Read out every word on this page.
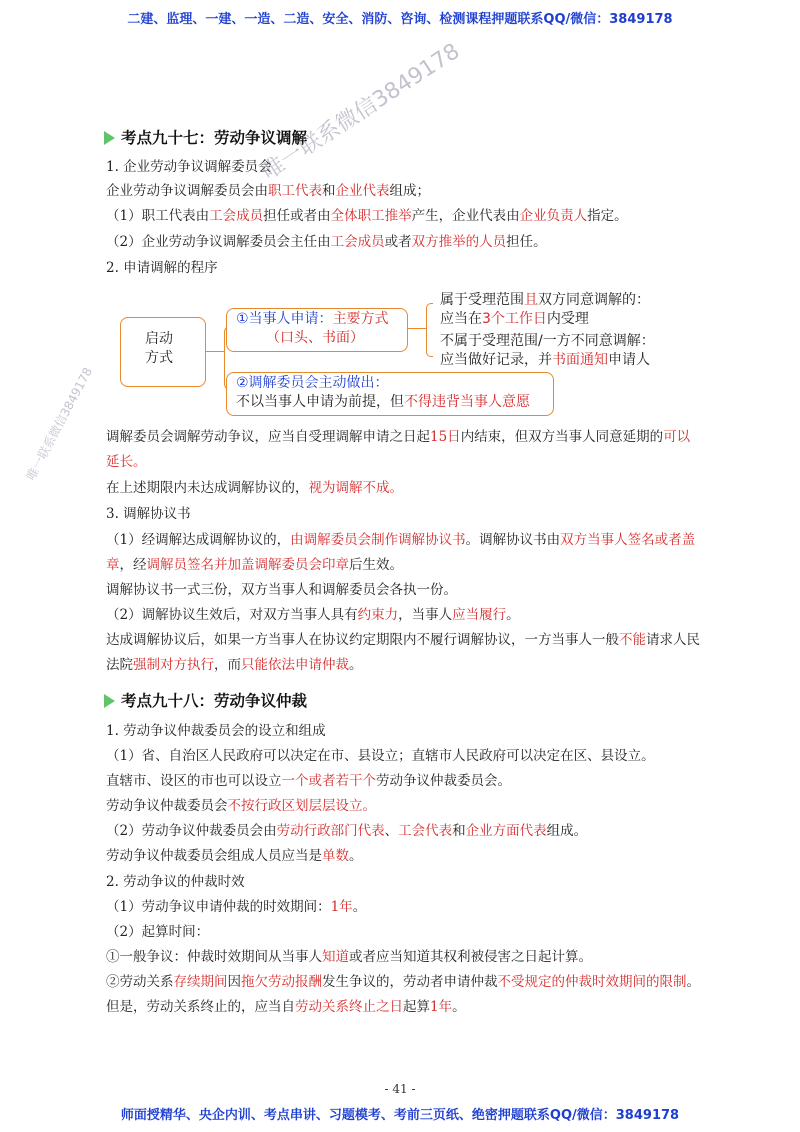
二建、监理、一建、一造、二造、安全、消防、咨询、检测课程押题联系QQ/微信：3849178
考点九十七：劳动争议调解
1. 企业劳动争议调解委员会
企业劳动争议调解委员会由职工代表和企业代表组成；
（1）职工代表由工会成员担任或者由全体职工推举产生，企业代表由企业负责人指定。
（2）企业劳动争议调解委员会主任由工会成员或者双方推举的人员担任。
2. 申请调解的程序
启动
方式
①当事人申请：主要方式
（口头、书面）
属于受理范围且双方同意调解的：
应当在3个工作日内受理
不属于受理范围/一方不同意调解：
应当做好记录，并书面通知申请人
②调解委员会主动做出：
不以当事人申请为前提，但不得违背当事人意愿
调解委员会调解劳动争议，应当自受理调解申请之日起15日内结束，但双方当事人同意延期的可以
延长。
在上述期限内未达成调解协议的，视为调解不成。
3. 调解协议书
（1）经调解达成调解协议的，由调解委员会制作调解协议书。调解协议书由双方当事人签名或者盖
章，经调解员签名并加盖调解委员会印章后生效。
调解协议书一式三份，双方当事人和调解委员会各执一份。
（2）调解协议生效后，对双方当事人具有约束力，当事人应当履行。
达成调解协议后，如果一方当事人在协议约定期限内不履行调解协议，一方当事人一般不能请求人民
法院强制对方执行，而只能依法申请仲裁。
考点九十八：劳动争议仲裁
1. 劳动争议仲裁委员会的设立和组成
（1）省、自治区人民政府可以决定在市、县设立；直辖市人民政府可以决定在区、县设立。
直辖市、设区的市也可以设立一个或者若干个劳动争议仲裁委员会。
劳动争议仲裁委员会不按行政区划层层设立。
（2）劳动争议仲裁委员会由劳动行政部门代表、工会代表和企业方面代表组成。
劳动争议仲裁委员会组成人员应当是单数。
2. 劳动争议的仲裁时效
（1）劳动争议申请仲裁的时效期间：1年。
（2）起算时间：
①一般争议：仲裁时效期间从当事人知道或者应当知道其权利被侵害之日起计算。
②劳动关系存续期间因拖欠劳动报酬发生争议的，劳动者申请仲裁不受规定的仲裁时效期间的限制。
但是，劳动关系终止的，应当自劳动关系终止之日起算1年。
唯一联系微信3849178
唯一联系微信3849178
- 41 -
师面授精华、央企内训、考点串讲、习题模考、考前三页纸、绝密押题联系QQ/微信：3849178
